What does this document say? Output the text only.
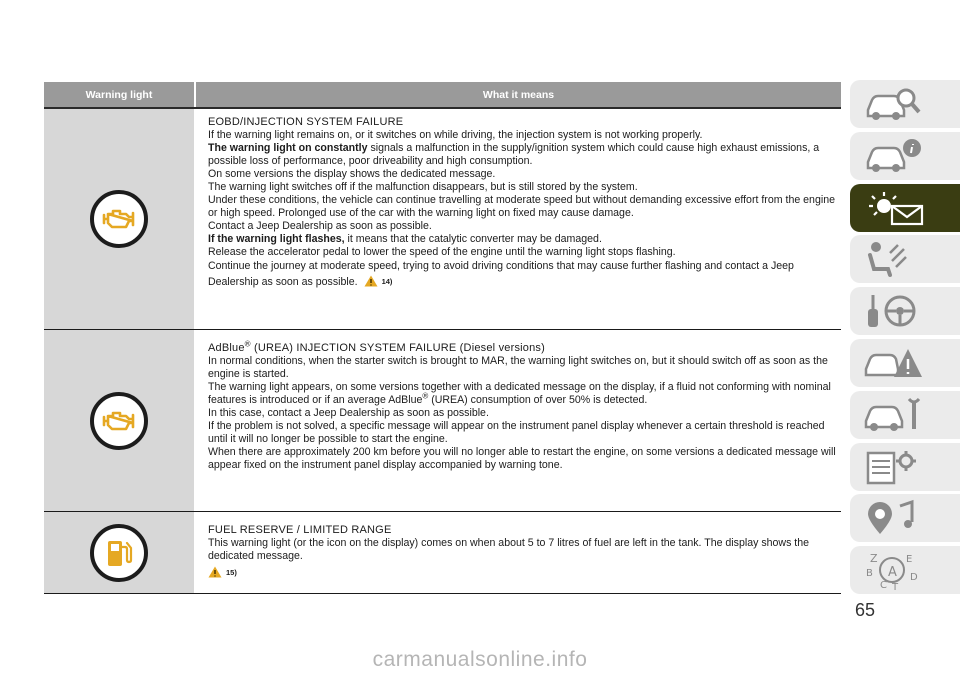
Warning light	What it means

EOBD/INJECTION SYSTEM FAILURE

If the warning light remains on, or it switches on while driving, the injection system is not working properly.

The warning light on constantly signals a malfunction in the supply/ignition system which could cause high exhaust emissions, a possible loss of performance, poor driveability and high consumption.

On some versions the display shows the dedicated message.

The warning light switches off if the malfunction disappears, but is still stored by the system.

Under these conditions, the vehicle can continue travelling at moderate speed but without demanding excessive effort from the engine or high speed. Prolonged use of the car with the warning light on fixed may cause damage.

Contact a Jeep Dealership as soon as possible.

If the warning light flashes, it means that the catalytic converter may be damaged.

Release the accelerator pedal to lower the speed of the engine until the warning light stops flashing.

Continue the journey at moderate speed, trying to avoid driving conditions that may cause further flashing and contact a Jeep Dealership as soon as possible.	14)

AdBlue® (UREA) INJECTION SYSTEM FAILURE (Diesel versions)

In normal conditions, when the starter switch is brought to MAR, the warning light switches on, but it should switch off as soon as the engine is started.

The warning light appears, on some versions together with a dedicated message on the display, if a fluid not conforming with nominal features is introduced or if an average AdBlue® (UREA) consumption of over 50% is detected.

In this case, contact a Jeep Dealership as soon as possible.

If the problem is not solved, a specific message will appear on the instrument panel display whenever a certain threshold is reached until it will no longer be possible to start the engine.

When there are approximately 200 km before you will no longer able to restart the engine, on some versions a dedicated message will appear fixed on the instrument panel display accompanied by warning tone.

FUEL RESERVE / LIMITED RANGE

This warning light (or the icon on the display) comes on when about 5 to 7 litres of fuel are left in the tank. The display shows the dedicated message.

15)

Z	E
B A D
C T
65
carmanualsonline.info
